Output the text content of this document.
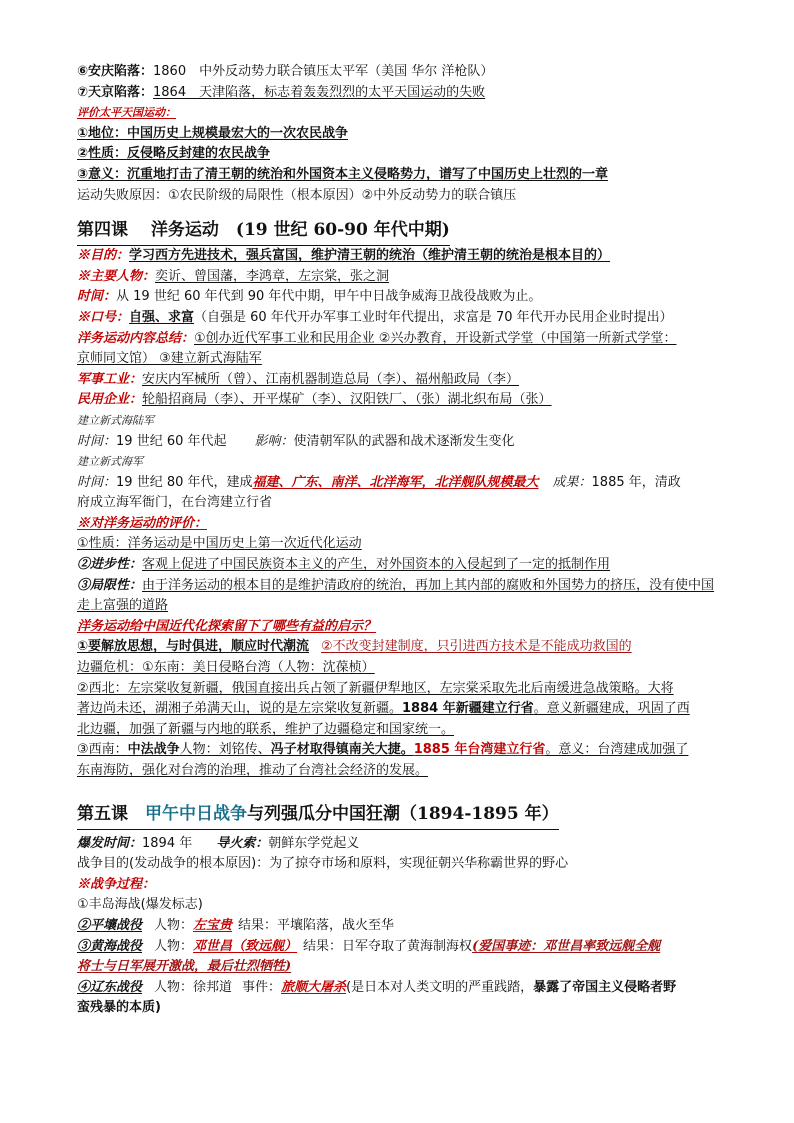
⑥安庆陷落：1860　中外反动势力联合镇压太平军（美国 华尔 洋枪队）
⑦天京陷落：1864　天津陷落，标志着轰轰烈烈的太平天国运动的失败
评价太平天国运动：
①地位：中国历史上规模最宏大的一次农民战争
②性质：反侵略反封建的农民战争
③意义：沉重地打击了清王朝的统治和外国资本主义侵略势力，谱写了中国历史上壮烈的一章
运动失败原因：①农民阶级的局限性（根本原因）②中外反动势力的联合镇压
第四课　 洋务运动　(19 世纪 60-90 年代中期)
※目的：学习西方先进技术，强兵富国，维护清王朝的统治（维护清王朝的统治是根本目的）
※主要人物：奕䜣、曾国藩，李鸿章，左宗棠，张之洞
时间：从 19 世纪 60 年代到 90 年代中期，甲午中日战争威海卫战役战败为止。
※口号：自强、求富（自强是 60 年代开办军事工业时年代提出，求富是 70 年代开办民用企业时提出）
洋务运动内容总结：①创办近代军事工业和民用企业 ②兴办教育，开设新式学堂（中国第一所新式学堂：
京师同文馆） ③建立新式海陆军
军事工业：安庆内军械所（曾）、江南机器制造总局（李）、福州船政局（李）
民用企业：轮船招商局（李）、开平煤矿（李）、汉阳铁厂、（张）湖北织布局（张）
建立新式海陆军
时间：19 世纪 60 年代起 影响：使清朝军队的武器和战术逐渐发生变化
建立新式海军
时间：19 世纪 80 年代，建成福建、广东、南洋、北洋海军，北洋舰队规模最大 成果：1885 年，清政
府成立海军衙门，在台湾建立行省
※对洋务运动的评价：
①性质：洋务运动是中国历史上第一次近代化运动
②进步性：客观上促进了中国民族资本主义的产生，对外国资本的入侵起到了一定的抵制作用
③局限性：由于洋务运动的根本目的是维护清政府的统治，再加上其内部的腐败和外国势力的挤压，没有使中国走上富强的道路
洋务运动给中国近代化探索留下了哪些有益的启示？
①要解放思想，与时俱进，顺应时代潮流 ②不改变封建制度，只引进西方技术是不能成功救国的
边疆危机：①东南：美日侵略台湾（人物：沈葆桢）
②西北：左宗棠收复新疆，俄国直接出兵占领了新疆伊犁地区，左宗棠采取先北后南缓进急战策略。大将
著边尚未还，湖湘子弟满天山，说的是左宗棠收复新疆。1884 年新疆建立行省。意义新疆建成，巩固了西
北边疆，加强了新疆与内地的联系，维护了边疆稳定和国家统一。
③西南：中法战争人物：刘铭传、冯子材取得镇南关大捷。1885 年台湾建立行省。意义：台湾建成加强了
东南海防，强化对台湾的治理，推动了台湾社会经济的发展。
第五课　甲午中日战争与列强瓜分中国狂潮（1894-1895 年）
爆发时间：1894 年 导火索：朝鲜东学党起义
战争目的(发动战争的根本原因)：为了掠夺市场和原料，实现征朝兴华称霸世界的野心
※战争过程：
①丰岛海战(爆发标志)
②平壤战役 人物：左宝贵 结果：平壤陷落，战火至华
③黄海战役 人物：邓世昌（致远舰） 结果：日军夺取了黄海制海权(爱国事迹：邓世昌率致远舰全舰
将士与日军展开激战，最后壮烈牺牲)
④辽东战役 人物：徐邦道 事件：旅顺大屠杀(是日本对人类文明的严重践踏，暴露了帝国主义侵略者野
蛮残暴的本质)
